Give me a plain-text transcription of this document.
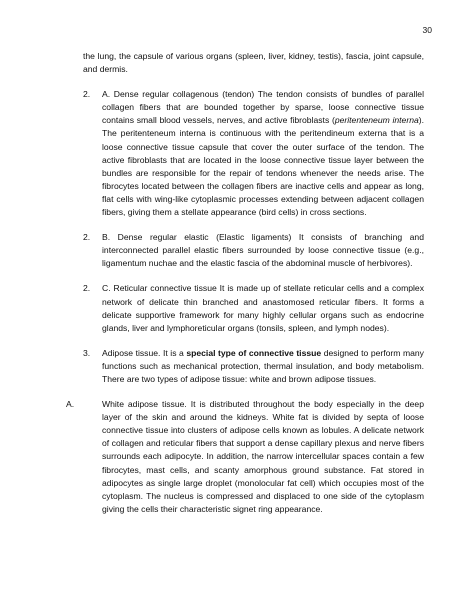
30

the lung, the capsule of various organs (spleen, liver, kidney, testis), fascia, joint capsule, and dermis.

2. A. Dense regular collagenous (tendon) The tendon consists of bundles of parallel collagen fibers that are bounded together by sparse, loose connective tissue contains small blood vessels, nerves, and active fibroblasts (peritenteneum interna). The peritenteneum interna is continuous with the peritendineum externa that is a loose connective tissue capsule that cover the outer surface of the tendon. The active fibroblasts that are located in the loose connective tissue layer between the bundles are responsible for the repair of tendons whenever the needs arise. The fibrocytes located between the collagen fibers are inactive cells and appear as long, flat cells with wing-like cytoplasmic processes extending between adjacent collagen fibers, giving them a stellate appearance (bird cells) in cross sections.

2. B. Dense regular elastic (Elastic ligaments) It consists of branching and interconnected parallel elastic fibers surrounded by loose connective tissue (e.g., ligamentum nuchae and the elastic fascia of the abdominal muscle of herbivores).

2. C. Reticular connective tissue It is made up of stellate reticular cells and a complex network of delicate thin branched and anastomosed reticular fibers. It forms a delicate supportive framework for many highly cellular organs such as endocrine glands, liver and lymphoreticular organs (tonsils, spleen, and lymph nodes).

3. Adipose tissue. It is a special type of connective tissue designed to perform many functions such as mechanical protection, thermal insulation, and body metabolism. There are two types of adipose tissue: white and brown adipose tissues.

A.	White adipose tissue. It is distributed throughout the body especially in the deep layer of the skin and around the kidneys. White fat is divided by septa of loose connective tissue into clusters of adipose cells known as lobules. A delicate network of collagen and reticular fibers that support a dense capillary plexus and nerve fibers surrounds each adipocyte. In addition, the narrow intercellular spaces contain a few fibrocytes, mast cells, and scanty amorphous ground substance. Fat stored in adipocytes as single large droplet (monolocular fat cell) which occupies most of the cytoplasm. The nucleus is compressed and displaced to one side of the cytoplasm giving the cells their characteristic signet ring appearance.
